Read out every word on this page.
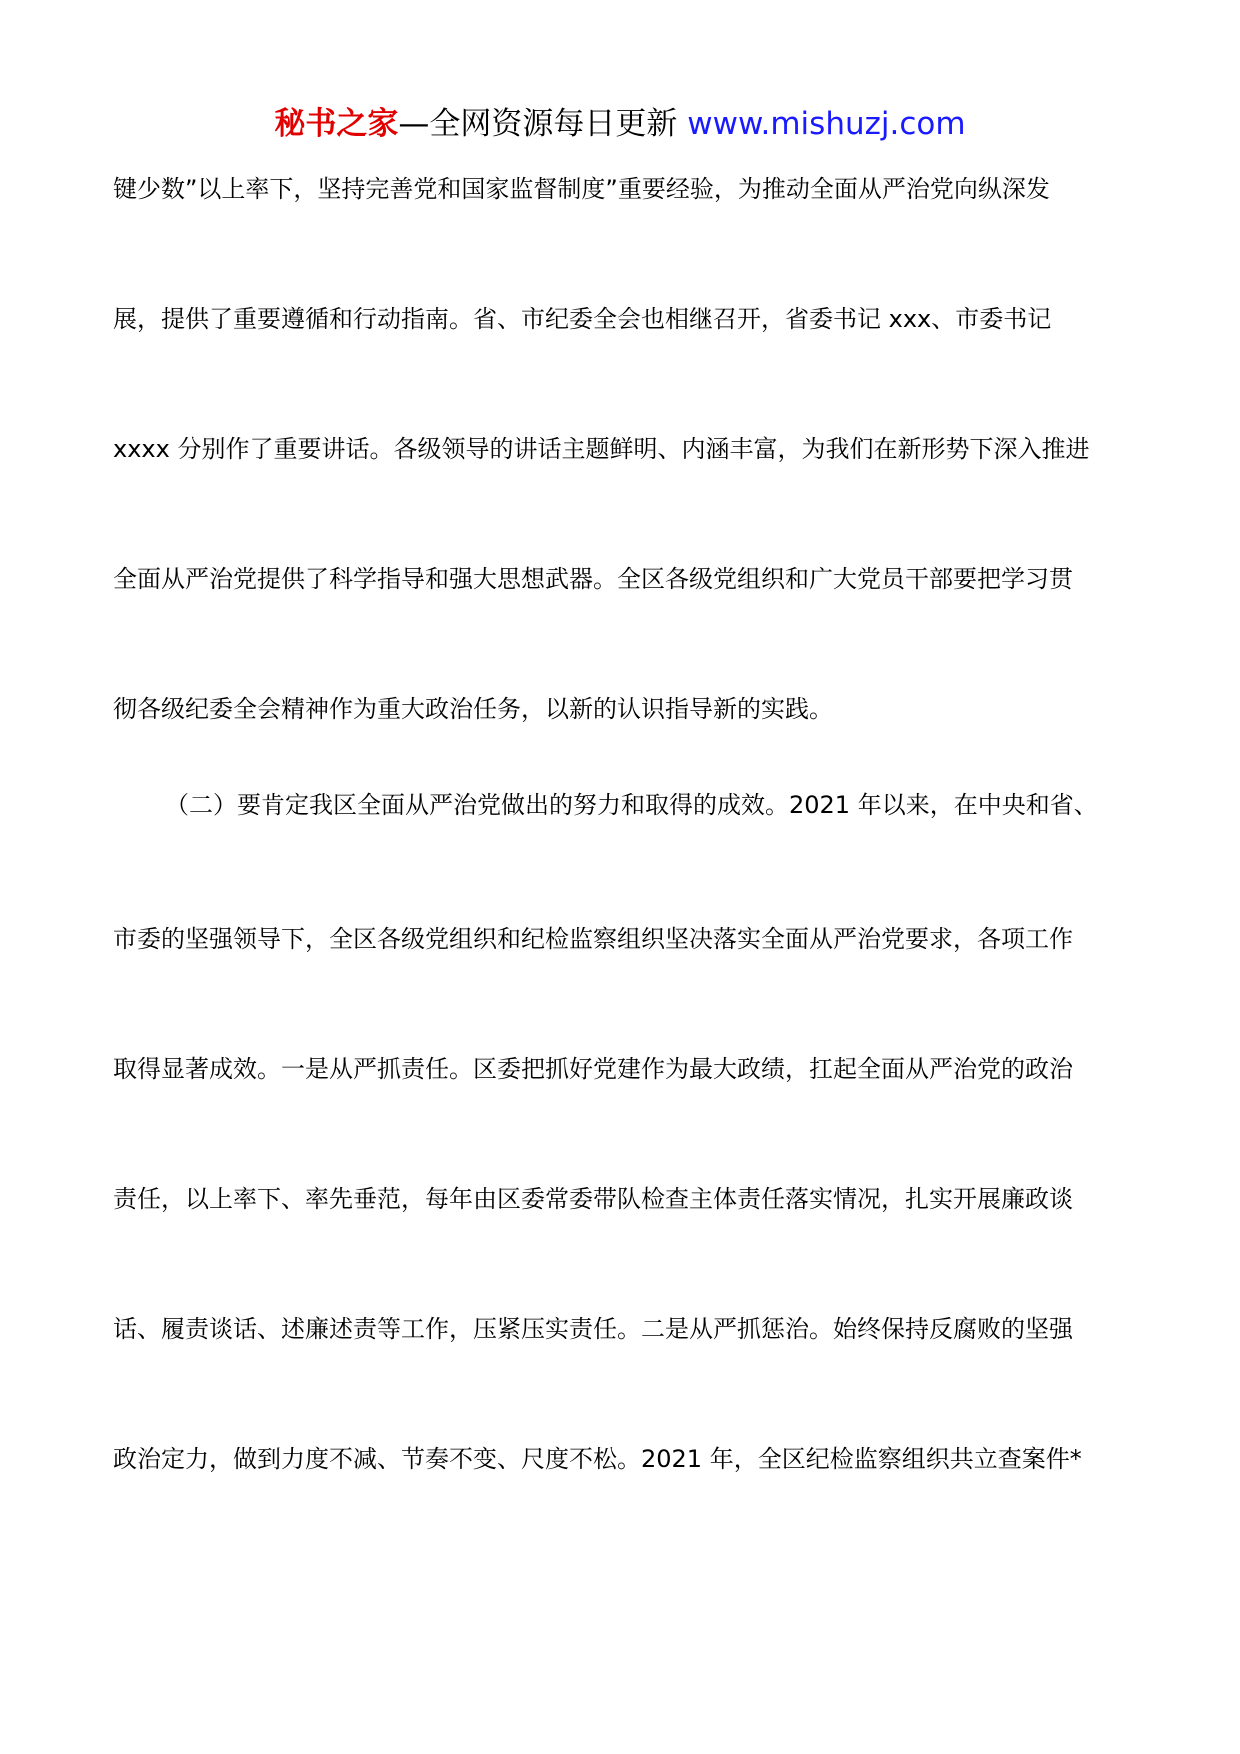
秘书之家—全网资源每日更新 www.mishuzj.com
键少数”以上率下，坚持完善党和国家监督制度”重要经验，为推动全面从严治党向纵深发
展，提供了重要遵循和行动指南。省、市纪委全会也相继召开，省委书记 xxx、市委书记
xxxx 分别作了重要讲话。各级领导的讲话主题鲜明、内涵丰富，为我们在新形势下深入推进
全面从严治党提供了科学指导和强大思想武器。全区各级党组织和广大党员干部要把学习贯
彻各级纪委全会精神作为重大政治任务，以新的认识指导新的实践。
（二）要肯定我区全面从严治党做出的努力和取得的成效。2021 年以来，在中央和省、
市委的坚强领导下，全区各级党组织和纪检监察组织坚决落实全面从严治党要求，各项工作
取得显著成效。一是从严抓责任。区委把抓好党建作为最大政绩，扛起全面从严治党的政治
责任，以上率下、率先垂范，每年由区委常委带队检查主体责任落实情况，扎实开展廉政谈
话、履责谈话、述廉述责等工作，压紧压实责任。二是从严抓惩治。始终保持反腐败的坚强
政治定力，做到力度不减、节奏不变、尺度不松。2021 年，全区纪检监察组织共立查案件*
